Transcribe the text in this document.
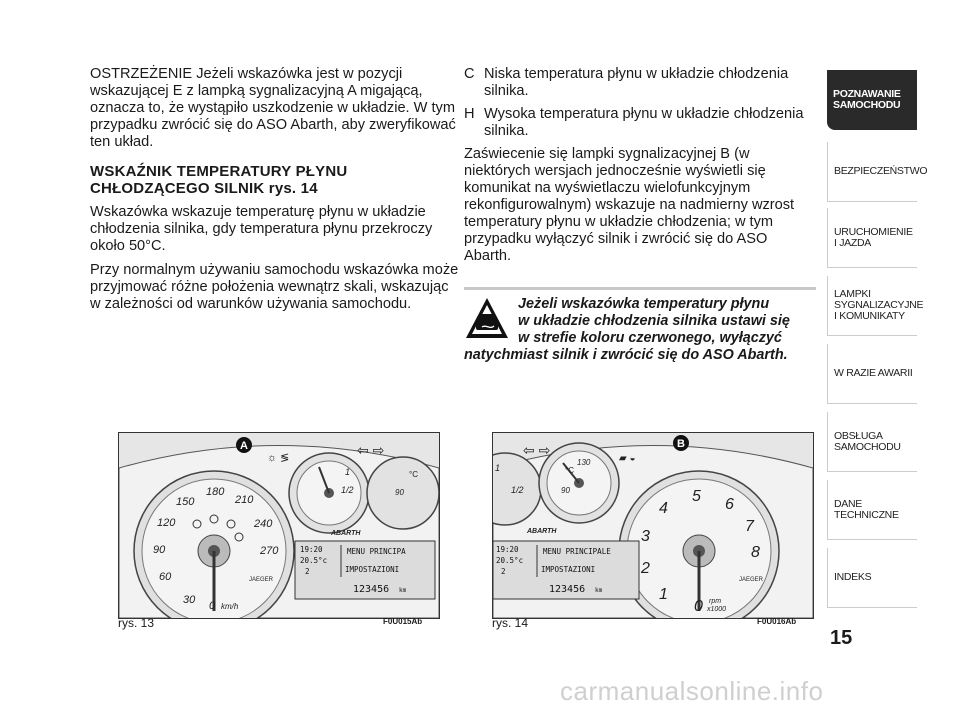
OSTRZEŻENIE Jeżeli wskazówka jest w pozycji wskazującej E z lampką sygnalizacyjną A migającą, oznacza to, że wystąpiło uszkodzenie w układzie. W tym przypadku zwrócić się do ASO Abarth, aby zweryfikować ten układ.

WSKAŹNIK TEMPERATURY PŁYNU CHŁODZĄCEGO SILNIK rys. 14

Wskazówka wskazuje temperaturę płynu w układzie chłodzenia silnika, gdy temperatura płynu przekroczy około 50°C.

Przy normalnym używaniu samochodu wskazówka może przyjmować różne położenia wewnątrz skali, wskazując w zależności od warunków używania samochodu.

C Niska temperatura płynu w układzie chłodzenia silnika.
H Wysoka temperatura płynu w układzie chłodzenia silnika.

Zaświecenie się lampki sygnalizacyjnej B (w niektórych wersjach jednocześnie wyświetli się komunikat na wyświetlaczu wielofunkcyjnym rekonfigurowalnym) wskazuje na nadmierny wzrost temperatury płynu w układzie chłodzenia; w tym przypadku wyłączyć silnik i zwrócić się do ASO Abarth.

Jeżeli wskazówka temperatury płynu
w układzie chłodzenia silnika ustawi się
w strefie koloru czerwonego, wyłączyć
natychmiast silnik i zwrócić się do ASO Abarth.
0
30
60
90
120
150
180
210
240
270
km/h
JAEGER
1
1/2
°C
90
☼ ≶	⇦ ⇨
A
ABARTH
19:20
20.5°c
2
MENU PRINCIPA
IMPOSTAZIONI
123456 km
rys. 13	F0U015Ab
1
1/2
°C
130
90
⇦ ⇨
▰ ◒
B
0
1
2
3
4
5 6
7
8
rpm
x1000
JAEGER
ABARTH
19:20
20.5°c
2
MENU PRINCIPALE
IMPOSTAZIONI
123456 km
rys. 14	F0U016Ab
POZNAWANIE
SAMOCHODU
BEZPIECZEŃSTWO
URUCHOMIENIE
I JAZDA
LAMPKI
SYGNALIZACYJNE
I KOMUNIKATY
W RAZIE AWARII
OBSŁUGA
SAMOCHODU
DANE
TECHNICZNE
INDEKS
15
carmanualsonline.info
